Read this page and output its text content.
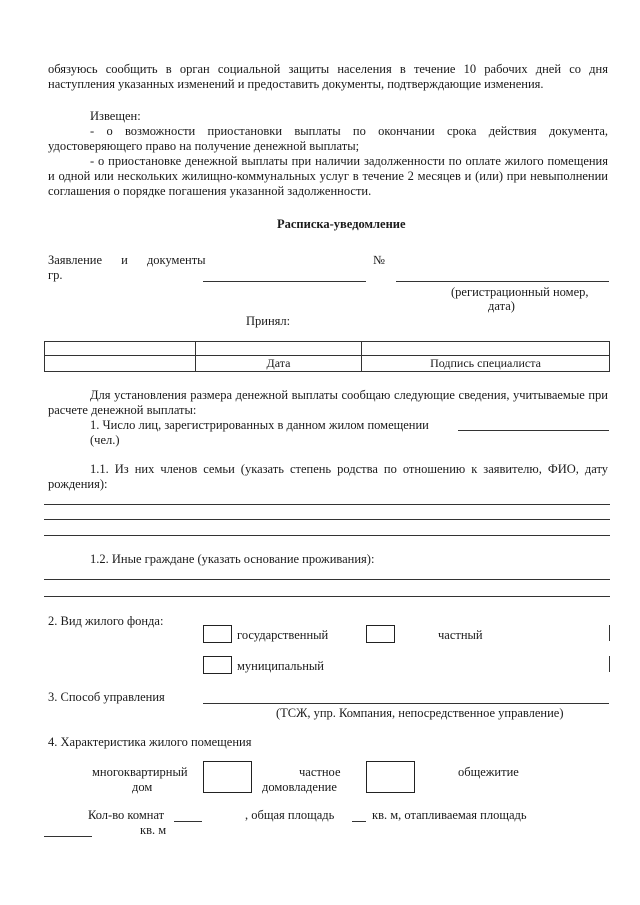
обязуюсь сообщить в орган социальной защиты населения в течение 10 рабочих дней со дня наступления указанных изменений и предоставить документы, подтверждающие изменения.
Извещен:
- о возможности приостановки выплаты по окончании срока действия документа, удостоверяющего право на получение денежной выплаты;
- о приостановке денежной выплаты при наличии задолженности по оплате жилого помещения и одной или нескольких жилищно-коммунальных услуг в течение 2 месяцев и (или) при невыполнении соглашения о порядке погашения указанной задолженности.
Расписка-уведомление
Заявление и документы
гр.
№
(регистрационный номер,
дата)
Принял:

	Дата	Подпись специалиста
Для установления размера денежной выплаты сообщаю следующие сведения, учитываемые при расчете денежной выплаты:
1. Число лиц, зарегистрированных в данном жилом помещении
(чел.)
1.1. Из них членов семьи (указать степень родства по отношению к заявителю, ФИО, дату рождения):
1.2. Иные граждане (указать основание проживания):
2. Вид жилого фонда:
государственный	частный
муниципальный
3. Способ управления
(ТСЖ, упр. Компания, непосредственное управление)
4. Характеристика жилого помещения
многоквартирный
дом
частное
домовладение
общежитие
Кол-во комнат	, общая площадь	кв. м, отапливаемая площадь
кв. м
